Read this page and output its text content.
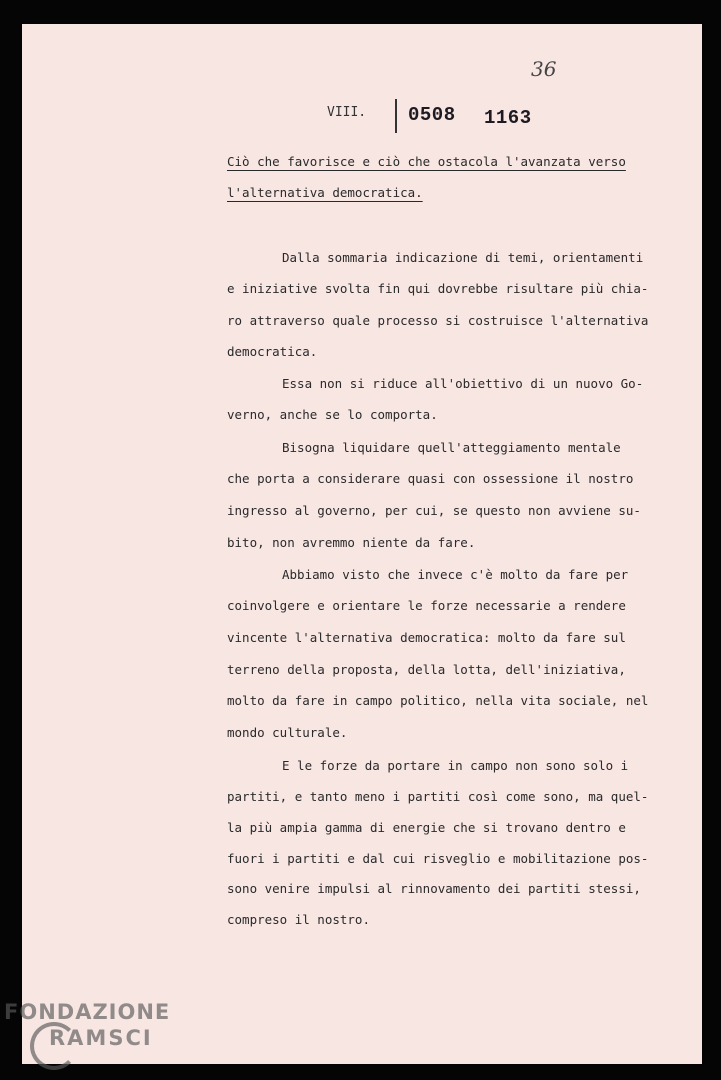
36
VIII. 0508 1163
Ciò che favorisce e ciò che ostacola l'avanzata verso
l'alternativa democratica.
Dalla sommaria indicazione di temi, orientamenti
e iniziative svolta fin qui dovrebbe risultare più chia-
ro attraverso quale processo si costruisce l'alternativa
democratica.
Essa non si riduce all'obiettivo di un nuovo Go-
verno, anche se lo comporta.
Bisogna liquidare quell'atteggiamento mentale
che porta a considerare quasi con ossessione il nostro
ingresso al governo, per cui, se questo non avviene su-
bito, non avremmo niente da fare.
Abbiamo visto che invece c'è molto da fare per
coinvolgere e orientare le forze necessarie a rendere
vincente l'alternativa democratica: molto da fare sul
terreno della proposta, della lotta, dell'iniziativa,
molto da fare in campo politico, nella vita sociale, nel
mondo culturale.
E le forze da portare in campo non sono solo i
partiti, e tanto meno i partiti così come sono, ma quel-
la più ampia gamma di energie che si trovano dentro e
fuori i partiti e dal cui risveglio e mobilitazione pos-
sono venire impulsi al rinnovamento dei partiti stessi,
compreso il nostro.
FONDAZIONE
RAMSCI
